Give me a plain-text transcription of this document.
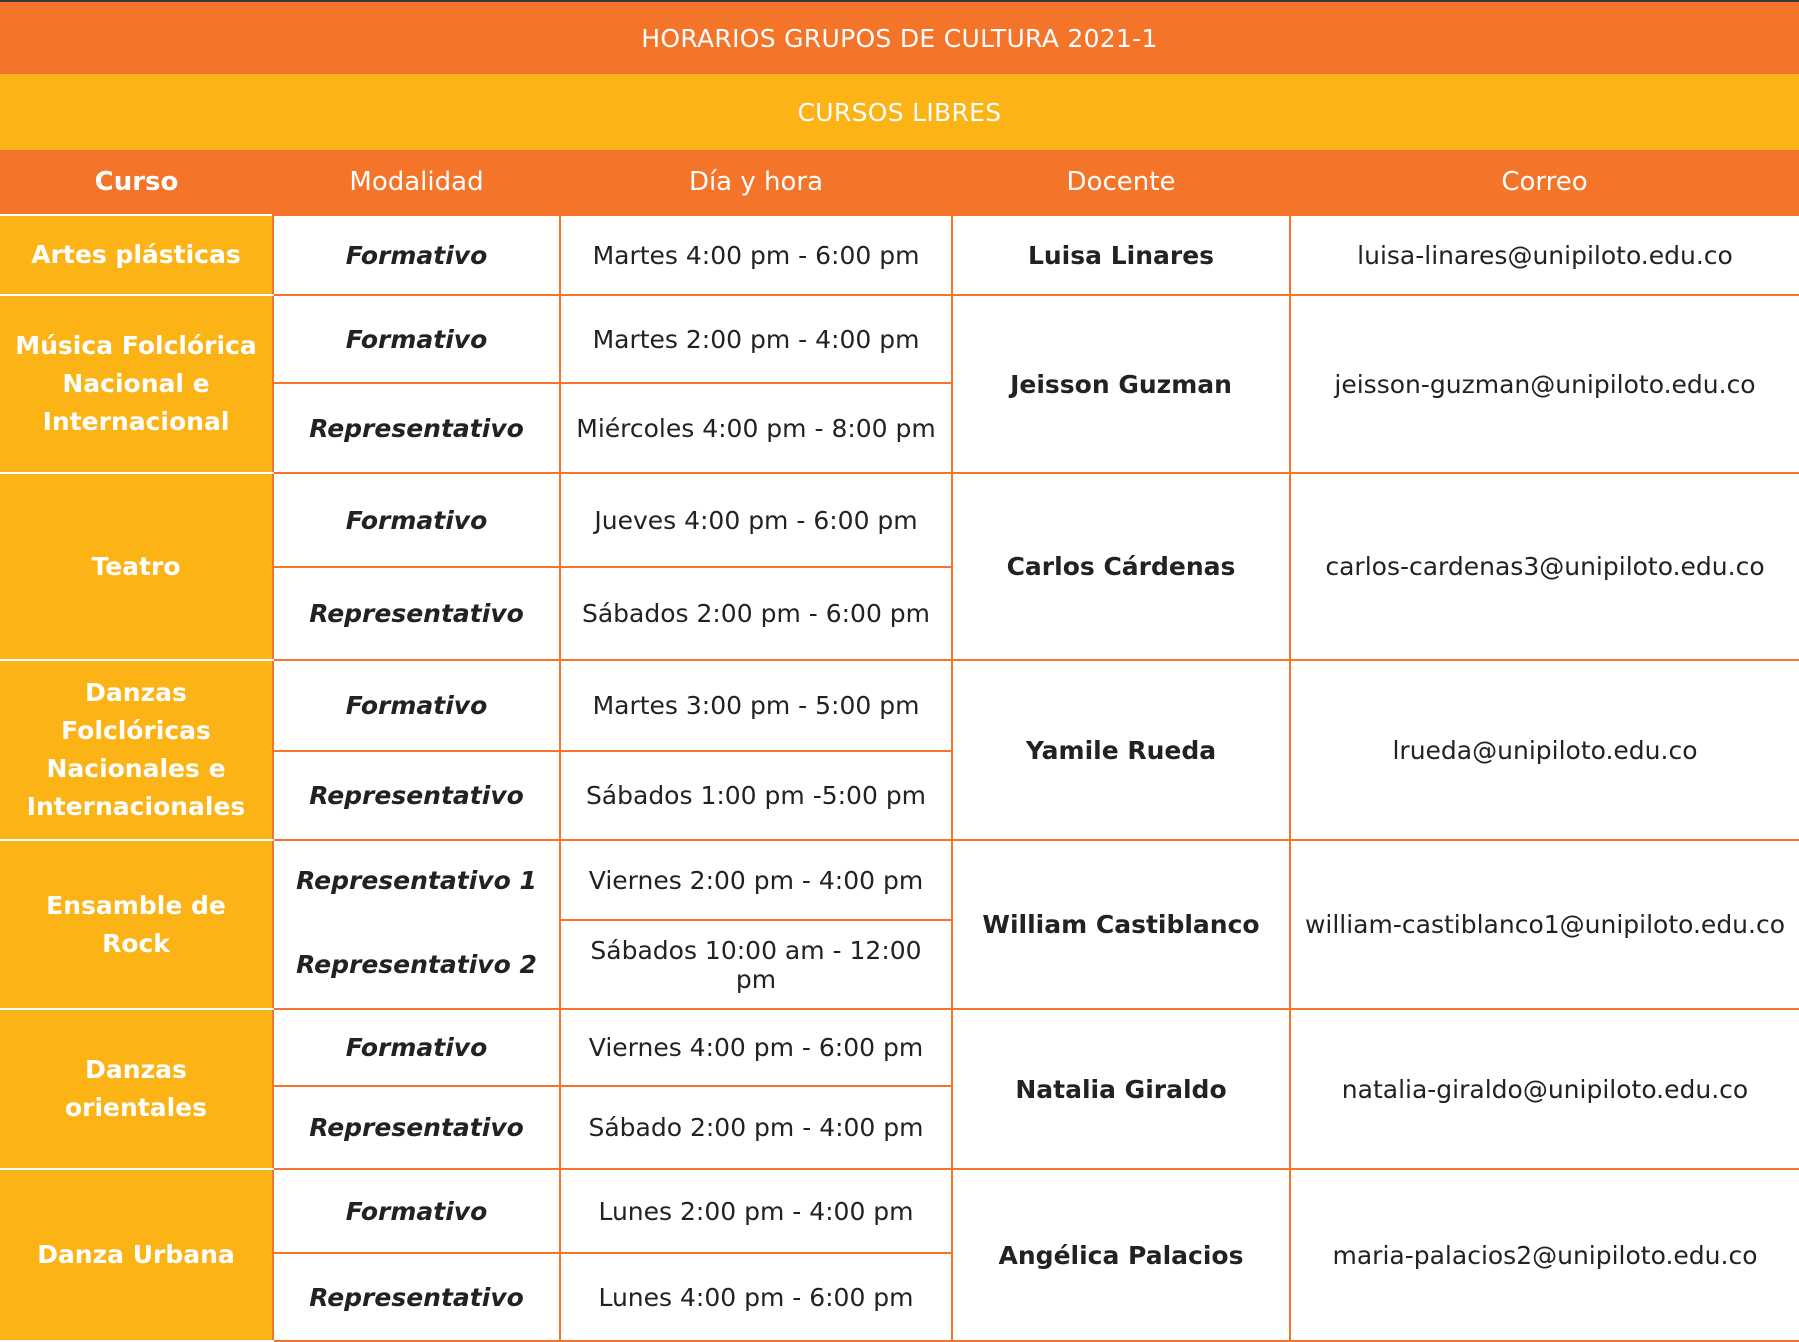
HORARIOS GRUPOS DE CULTURA 2021-1
CURSOS LIBRES
Curso	Modalidad	Día y hora	Docente	Correo
Artes plásticas	Formativo	Martes 4:00 pm - 6:00 pm	Luisa Linares	luisa-linares@unipiloto.edu.co
Música Folclórica Nacional e Internacional	Formativo	Martes 2:00 pm - 4:00 pm	Jeisson Guzman	jeisson-guzman@unipiloto.edu.co
	Representativo	Miércoles 4:00 pm - 8:00 pm		
Teatro	Formativo	Jueves 4:00 pm - 6:00 pm	Carlos Cárdenas	carlos-cardenas3@unipiloto.edu.co
	Representativo	Sábados 2:00 pm - 6:00 pm		
Danzas Folclóricas Nacionales e Internacionales	Formativo	Martes 3:00 pm - 5:00 pm	Yamile Rueda	lrueda@unipiloto.edu.co
	Representativo	Sábados 1:00 pm -5:00 pm		
Ensamble de Rock	Representativo 1	Viernes 2:00 pm - 4:00 pm	William Castiblanco	william-castiblanco1@unipiloto.edu.co
	Representativo 2	Sábados 10:00 am - 12:00 pm		
Danzas orientales	Formativo	Viernes 4:00 pm - 6:00 pm	Natalia Giraldo	natalia-giraldo@unipiloto.edu.co
	Representativo	Sábado 2:00 pm - 4:00 pm		
Danza Urbana	Formativo	Lunes 2:00 pm - 4:00 pm	Angélica Palacios	maria-palacios2@unipiloto.edu.co
	Representativo	Lunes 4:00 pm - 6:00 pm		
